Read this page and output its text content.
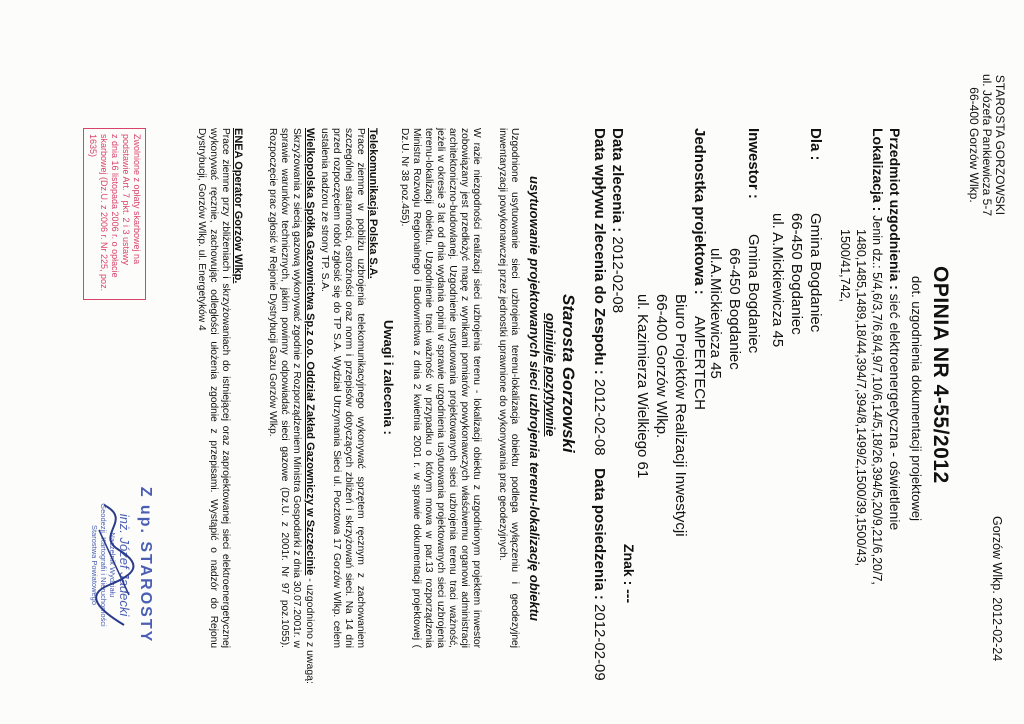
STAROSTA GORZOWSKI
ul. Józefa Pankiewicza 5-7
66-400 Gorzów Wlkp.
Gorzów Wlkp. 2012-02-24
OPINIA NR 4-55/2012
dot. uzgodnienia dokumentacji projektowej
Przedmiot uzgodnienia : sieć elektroenergetyczna - oświetlenie
Lokalizacja : Jenin dz.: 5/4,6/3,7/6,8/4,9/7,10/6,14/5,18/26,394/5,20/9,21/6,20/7,
1480,1485,1489,18/44,394/7,394/8,1499/2,1500/39,1500/43,
1500/41,742,
Dla :
Gmina Bogdaniec
66-450 Bogdaniec
ul. A.Mickiewicza 45
Inwestor :
Gmina Bogdaniec
66-450 Bogdaniec
ul.A.Mickiewicza 45
Jednostka projektowa :
AMPERTECH
Biuro Projektów Realizacji Inwestycji
66-400 Gorzów Wlkp.
ul. Kazimierza Wielkiego 61
Znak : ---
Data zlecenia : 2012-02-08
Data wpływu zlecenia do Zespołu : 2012-02-08   Data posiedzenia : 2012-02-09
Starosta Gorzowski
opiniuje pozytywnie
usytuowanie projektowanych sieci uzbrojenia terenu-lokalizację obiektu
Uzgodnione usytuowanie sieci uzbrojenia terenu-lokalizacja obiektu podlega wyłączeniu i geodezyjnej inwentaryzacji powykonawczej przez jednostki uprawnione do wykonywania prac geodezyjnych.
W razie niezgodności realizacji sieci uzbrojenia terenu - lokalizacji obiektu z uzgodnionym projektem inwestor zobowiązany jest przedłożyć mapę z wynikami pomiarów powykonawczych właściwemu organowi administracji architektoniczno-budowlanej. Uzgodnienie usytuowania projektowanych sieci uzbrojenia terenu traci ważność, jeżeli w okresie 3 lat od dnia wydania opinii w sprawie uzgodnienia usytuowania projektowanych sieci uzbrojenia terenu-lokalizacji obiektu. Uzgodnienie traci ważność w przypadku o którym mowa w par.13 rozporządzenia Ministra Rozwoju Regionalnego i Budownictwa z dnia 2 kwietnia 2001 r. w sprawie dokumentacji projektowej ( Dz.U. Nr 38 poz.455).
Uwagi i zalecenia :
Telekomunikacja Polska S.A.
Prace ziemne w pobliżu uzbrojenia telekomunikacyjnego wykonywać sprzętem ręcznym z zachowaniem szczególnej staranności, ostrożności oraz norm i przepisów dotyczących zbliżeń i skrzyżowań sieci. Na 14 dni przed rozpoczęciem robót zgłosić się do TP S.A. Wydział Utrzymania Sieci ul. Pocztowa 17 Gorzów Wlkp. celem ustalenia nadzoru ze strony TP. S.A.
Wielkopolska Spółka Gazownictwa Sp.z o.o. Oddział Zakład Gazowniczy w Szczecinie - uzgodniono z uwagą:
Skrzyżowania z siecią gazową wykonywać zgodnie z Rozporządzeniem Ministra Gospodarki z dnia 30.07.2001r. w sprawie warunków technicznych, jakim powinny odpowiadać sieci gazowe (Dz.U. z 2001r. Nr 97 poz.1055). Rozpoczęcie prac zgłosić w Rejonie Dystrybucji Gazu Gorzów Wlkp.
ENEA Operator Gorzów Wlkp.
Prace ziemne przy zbliżeniach i skrzyżowaniach do istniejącej oraz zaprojektowanej sieci elektroenergetycznej wykonywać ręcznie, zachowując odległości ułożenia zgodnie z przepisami. Wystąpić o nadzór do Rejonu Dystrybucji, Gorzów Wlkp. ul. Energetyków 4
Zwolnione z opłaty skarbowej na
podstawie Art. 7 pkt. 2 i 3 ustawy
z dnia 16 listopada 2006 r. o opłacie
skarbowej (Dz.U. z 2006 r. Nr 225, poz. 1635)
Z up. STAROSTY
inż. Józef Jadecki
Naczelnik Wydziału
Geodezji, Kartografii i Nieruchomości
Starostwa Powiatowego
